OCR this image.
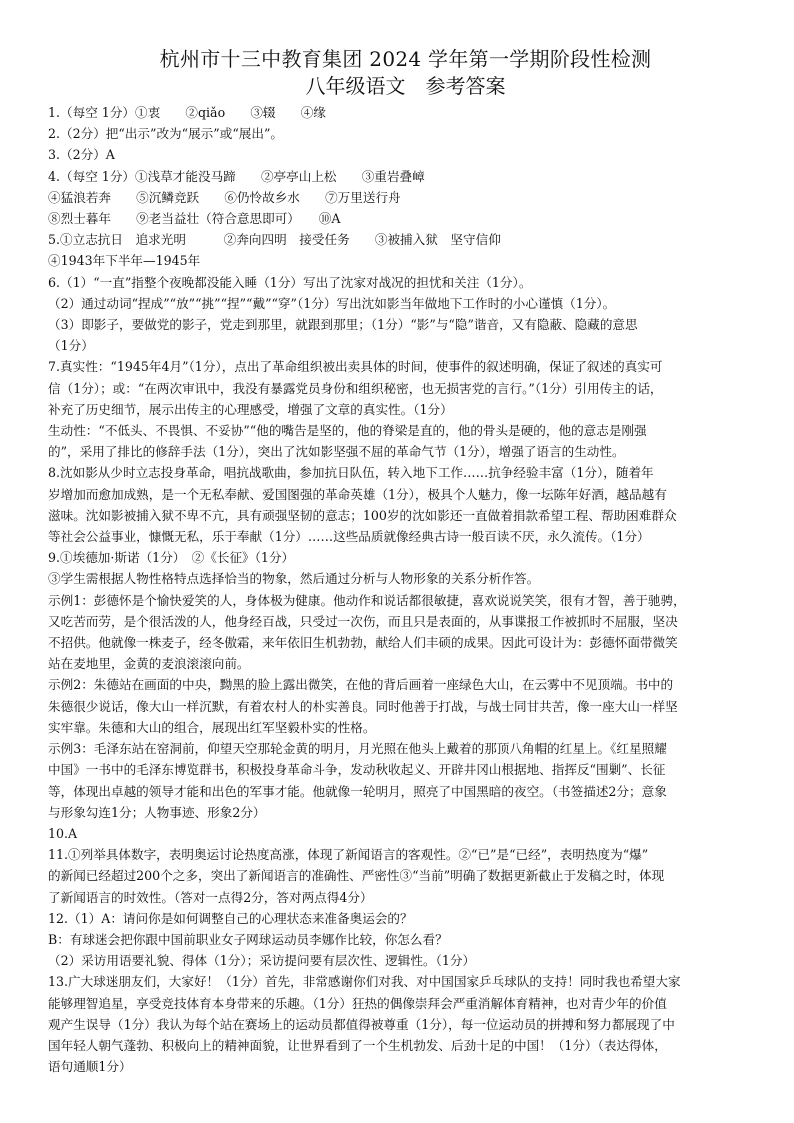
杭州市十三中教育集团 2024 学年第一学期阶段性检测
八年级语文　参考答案

1.（每空 1分）①衷　　②qiǎo　　③辍　　④缘

2.（2分）把“出示”改为“展示”或“展出”。

3.（2分）A

4.（每空 1分）①浅草才能没马蹄　　②亭亭山上松　　③重岩叠嶂

④猛浪若奔　　⑤沉鳞竞跃　　⑥仍怜故乡水　　⑦万里送行舟

⑧烈士暮年　　⑨老当益壮（符合意思即可）　　⑩A

5.①立志抗日　追求光明　　　②奔向四明　接受任务　　③被捕入狱　坚守信仰

④1943年下半年—1945年

6.（1）“一直”指整个夜晚都没能入睡（1分）写出了沈家对战况的担忧和关注（1分）。

（2）通过动词“捏成”“放”“挑”“捏”“戴”“穿”（1分）写出沈如影当年做地下工作时的小心谨慎（1分）。

（3）即影子，要做党的影子，党走到那里，就跟到那里；（1分）“影”与“隐”谐音，又有隐蔽、隐藏的意思

（1分）

7.真实性：“1945年4月”（1分），点出了革命组织被出卖具体的时间，使事件的叙述明确，保证了叙述的真实可

信（1分）；或：“在两次审讯中，我没有暴露党员身份和组织秘密，也无损害党的言行。”（1分）引用传主的话，

补充了历史细节，展示出传主的心理感受，增强了文章的真实性。（1分）

生动性：“不低头、不畏惧、不妥协”“他的嘴告是坚的，他的脊梁是直的，他的骨头是硬的，他的意志是刚强

的”，采用了排比的修辞手法（1分），突出了沈如影坚强不屈的革命气节（1分），增强了语言的生动性。

8.沈如影从少时立志投身革命，唱抗战歌曲，参加抗日队伍，转入地下工作……抗争经验丰富（1分），随着年

岁增加而愈加成熟，是一个无私奉献、爱国图强的革命英雄（1分），极具个人魅力，像一坛陈年好酒，越品越有

滋味。沈如影被捕入狱不卑不亢，具有顽强坚韧的意志；100岁的沈如影还一直做着捐款希望工程、帮助困难群众

等社会公益事业，慷慨无私，乐于奉献（1分）……这些品质就像经典古诗一般百读不厌，永久流传。（1分）

9.①埃德加·斯诺（1分）　②《长征》（1分）

③学生需根据人物性格特点选择恰当的物象，然后通过分析与人物形象的关系分析作答。

示例1：彭德怀是个愉快爱笑的人，身体极为健康。他动作和说话都很敏捷，喜欢说说笑笑，很有才智，善于驰骋，

又吃苦而劳，是个很活泼的人，他身经百战，只受过一次伤，而且只是表面的，从事谍报工作被抓时不屈服，坚决

不招供。他就像一株麦子，经冬傲霜，来年依旧生机勃勃，献给人们丰硕的成果。因此可设计为：彭德怀面带微笑

站在麦地里，金黄的麦浪滚滚向前。

示例2：朱德站在画面的中央，黝黑的脸上露出微笑，在他的背后画着一座绿色大山，在云雾中不见顶端。书中的

朱德很少说话，像大山一样沉默，有着农村人的朴实善良。同时他善于打战，与战士同甘共苦，像一座大山一样坚

实牢靠。朱德和大山的组合，展现出红军坚毅朴实的性格。

示例3：毛泽东站在窑洞前，仰望天空那轮金黄的明月，月光照在他头上戴着的那顶八角帽的红星上。《红星照耀

中国》一书中的毛泽东博览群书，积极投身革命斗争，发动秋收起义、开辟井冈山根据地、指挥反“围剿”、长征

等，体现出卓越的领导才能和出色的军事才能。他就像一轮明月，照亮了中国黑暗的夜空。（书签描述2分；意象

与形象勾连1分；人物事迹、形象2分）

10.A

11.①列举具体数字，表明奥运讨论热度高涨，体现了新闻语言的客观性。②“已”是“已经”，表明热度为“爆”

的新闻已经超过200个之多，突出了新闻语言的准确性、严密性③“当前”明确了数据更新截止于发稿之时，体现

了新闻语言的时效性。（答对一点得2分，答对两点得4分）

12.（1）A：请问你是如何调整自己的心理状态来准备奥运会的？

B：有球迷会把你跟中国前职业女子网球运动员李娜作比较，你怎么看？

（2）采访用语要礼貌、得体（1分）；采访提问要有层次性、逻辑性。（1分）

13.广大球迷朋友们，大家好！（1分）首先，非常感谢你们对我、对中国国家乒乓球队的支持！同时我也希望大家

能够理智追星，享受竞技体育本身带来的乐趣。（1分）狂热的偶像崇拜会严重消解体育精神，也对青少年的价值

观产生误导（1分）我认为每个站在赛场上的运动员都值得被尊重（1分），每一位运动员的拼搏和努力都展现了中

国年轻人朝气蓬勃、积极向上的精神面貌，让世界看到了一个生机勃发、后劲十足的中国！（1分）（表达得体，

语句通顺1分）
